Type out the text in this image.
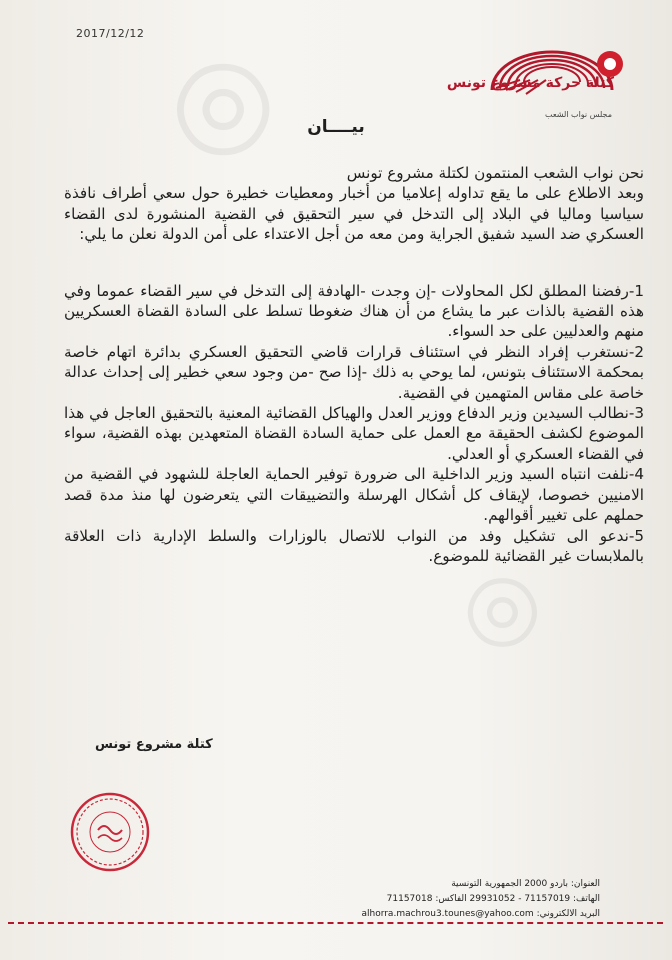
◎
◎
2017/12/12
كتلة حركة مشروع تونس
مجلس نواب الشعب
بيــــان

نحن نواب الشعب المنتمون لكتلة مشروع تونس

وبعد الاطلاع على ما يقع تداوله إعلاميا من أخبار ومعطيات خطيرة حول سعي أطراف نافذة سياسيا وماليا في البلاد إلى التدخل في سير التحقيق في القضية المنشورة لدى القضاء العسكري ضد السيد شفيق الجراية ومن معه من أجل الاعتداء على أمن الدولة نعلن ما يلي:

1-رفضنا المطلق لكل المحاولات -إن وجدت -الهادفة إلى التدخل في سير القضاء عموما وفي هذه القضية بالذات عبر ما يشاع من أن هناك ضغوطا تسلط على السادة القضاة العسكريين منهم والعدليين على حد السواء.

2-نستغرب إفراد النظر في استئناف قرارات قاضي التحقيق العسكري بدائرة اتهام خاصة بمحكمة الاستئناف بتونس، لما يوحي به ذلك -إذا صح -من وجود سعي خطير إلى إحداث عدالة خاصة على مقاس المتهمين في القضية.

3-نطالب السيدين وزير الدفاع ووزير العدل والهياكل القضائية المعنية بالتحقيق العاجل في هذا الموضوع لكشف الحقيقة مع العمل على حماية السادة القضاة المتعهدين بهذه القضية، سواء في القضاء العسكري أو العدلي.

4-نلفت انتباه السيد وزير الداخلية الى ضرورة توفير الحماية العاجلة للشهود في القضية من الامنيين خصوصا، لإيقاف كل أشكال الهرسلة والتضييقات التي يتعرضون لها منذ مدة قصد حملهم على تغيير أقوالهم.

5-ندعو الى تشكيل وفد من النواب للاتصال بالوزارات والسلط الإدارية ذات العلاقة بالملابسات غير القضائية للموضوع.

كتلة مشروع تونس
العنوان: باردو 2000 الجمهورية التونسية
الهاتف: 71157019 - 29931052 الفاكس: 71157018
البريد الالكتروني: alhorra.machrou3.tounes@yahoo.com
